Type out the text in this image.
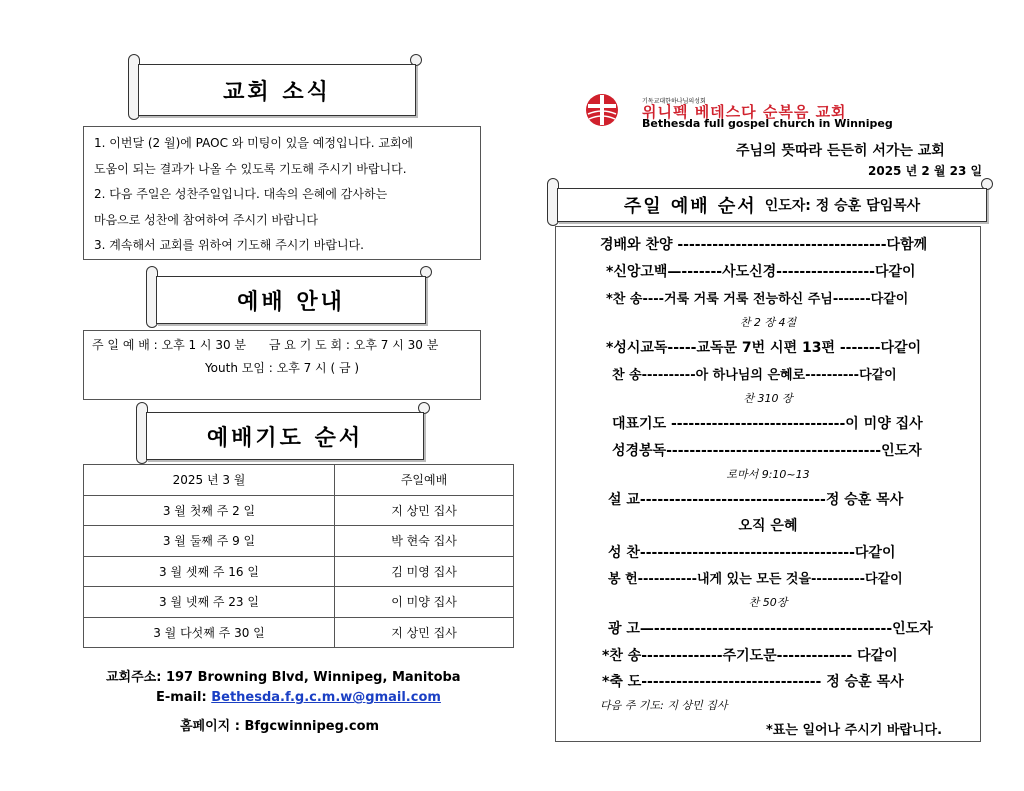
교회 소식
1. 이번달 (2 월)에 PAOC 와 미팅이 있을 예정입니다. 교회에
도움이 되는 결과가 나올 수 있도록 기도해 주시기 바랍니다.
2. 다음 주일은 성찬주일입니다. 대속의 은혜에 감사하는
마음으로 성찬에 참여하여 주시기 바랍니다
3. 계속해서 교회를 위하여 기도해 주시기 바랍니다.
예배 안내
주 일 예 배 : 오후 1 시 30 분      금 요 기 도 회 : 오후 7 시 30 분
Youth 모임 : 오후 7 시 ( 금 )
예배기도 순서
2025 년 3 월	주일예배
3 월 첫째 주 2 일	지 상민 집사
3 월 둘째 주 9 일	박 현숙 집사
3 월 셋째 주 16 일	김 미영 집사
3 월 넷째 주 23 일	이 미양 집사
3 월 다섯째 주 30 일	지 상민 집사
교회주소: 197 Browning Blvd, Winnipeg, Manitoba
E-mail: Bethesda.f.g.c.m.w@gmail.com
홈페이지 : Bfgcwinnipeg.com
기독교대한하나님의성회
위니펙 베데스다 순복음 교회
Bethesda full gospel church in Winnipeg
주님의 뜻따라 든든히 서가는 교회
2025 년 2 월 23 일
주일 예배 순서 인도자: 정 승훈 담임목사
경배와 찬양 ------------------------------------다함께
*신앙고백—-------사도신경-----------------다같이
*찬 송----거룩 거룩 거룩 전능하신 주님-------다같이
찬 2 장 4절
*성시교독-----교독문 7번 시편 13편 -------다같이
찬 송----------아 하나님의 은혜로----------다같이
찬 310 장
대표기도 ------------------------------이 미양 집사
성경봉독-------------------------------------인도자
로마서 9:10~13
설 교--------------------------------정 승훈 목사
오직 은혜
성 찬-------------------------------------다같이
봉 헌-----------내게 있는 모든 것을----------다같이
찬 50장
광 고—-----------------------------------------인도자
*찬 송--------------주기도문------------- 다같이
*축 도------------------------------- 정 승훈 목사
다음 주 기도: 지 상민 집사
*표는 일어나 주시기 바랍니다.
